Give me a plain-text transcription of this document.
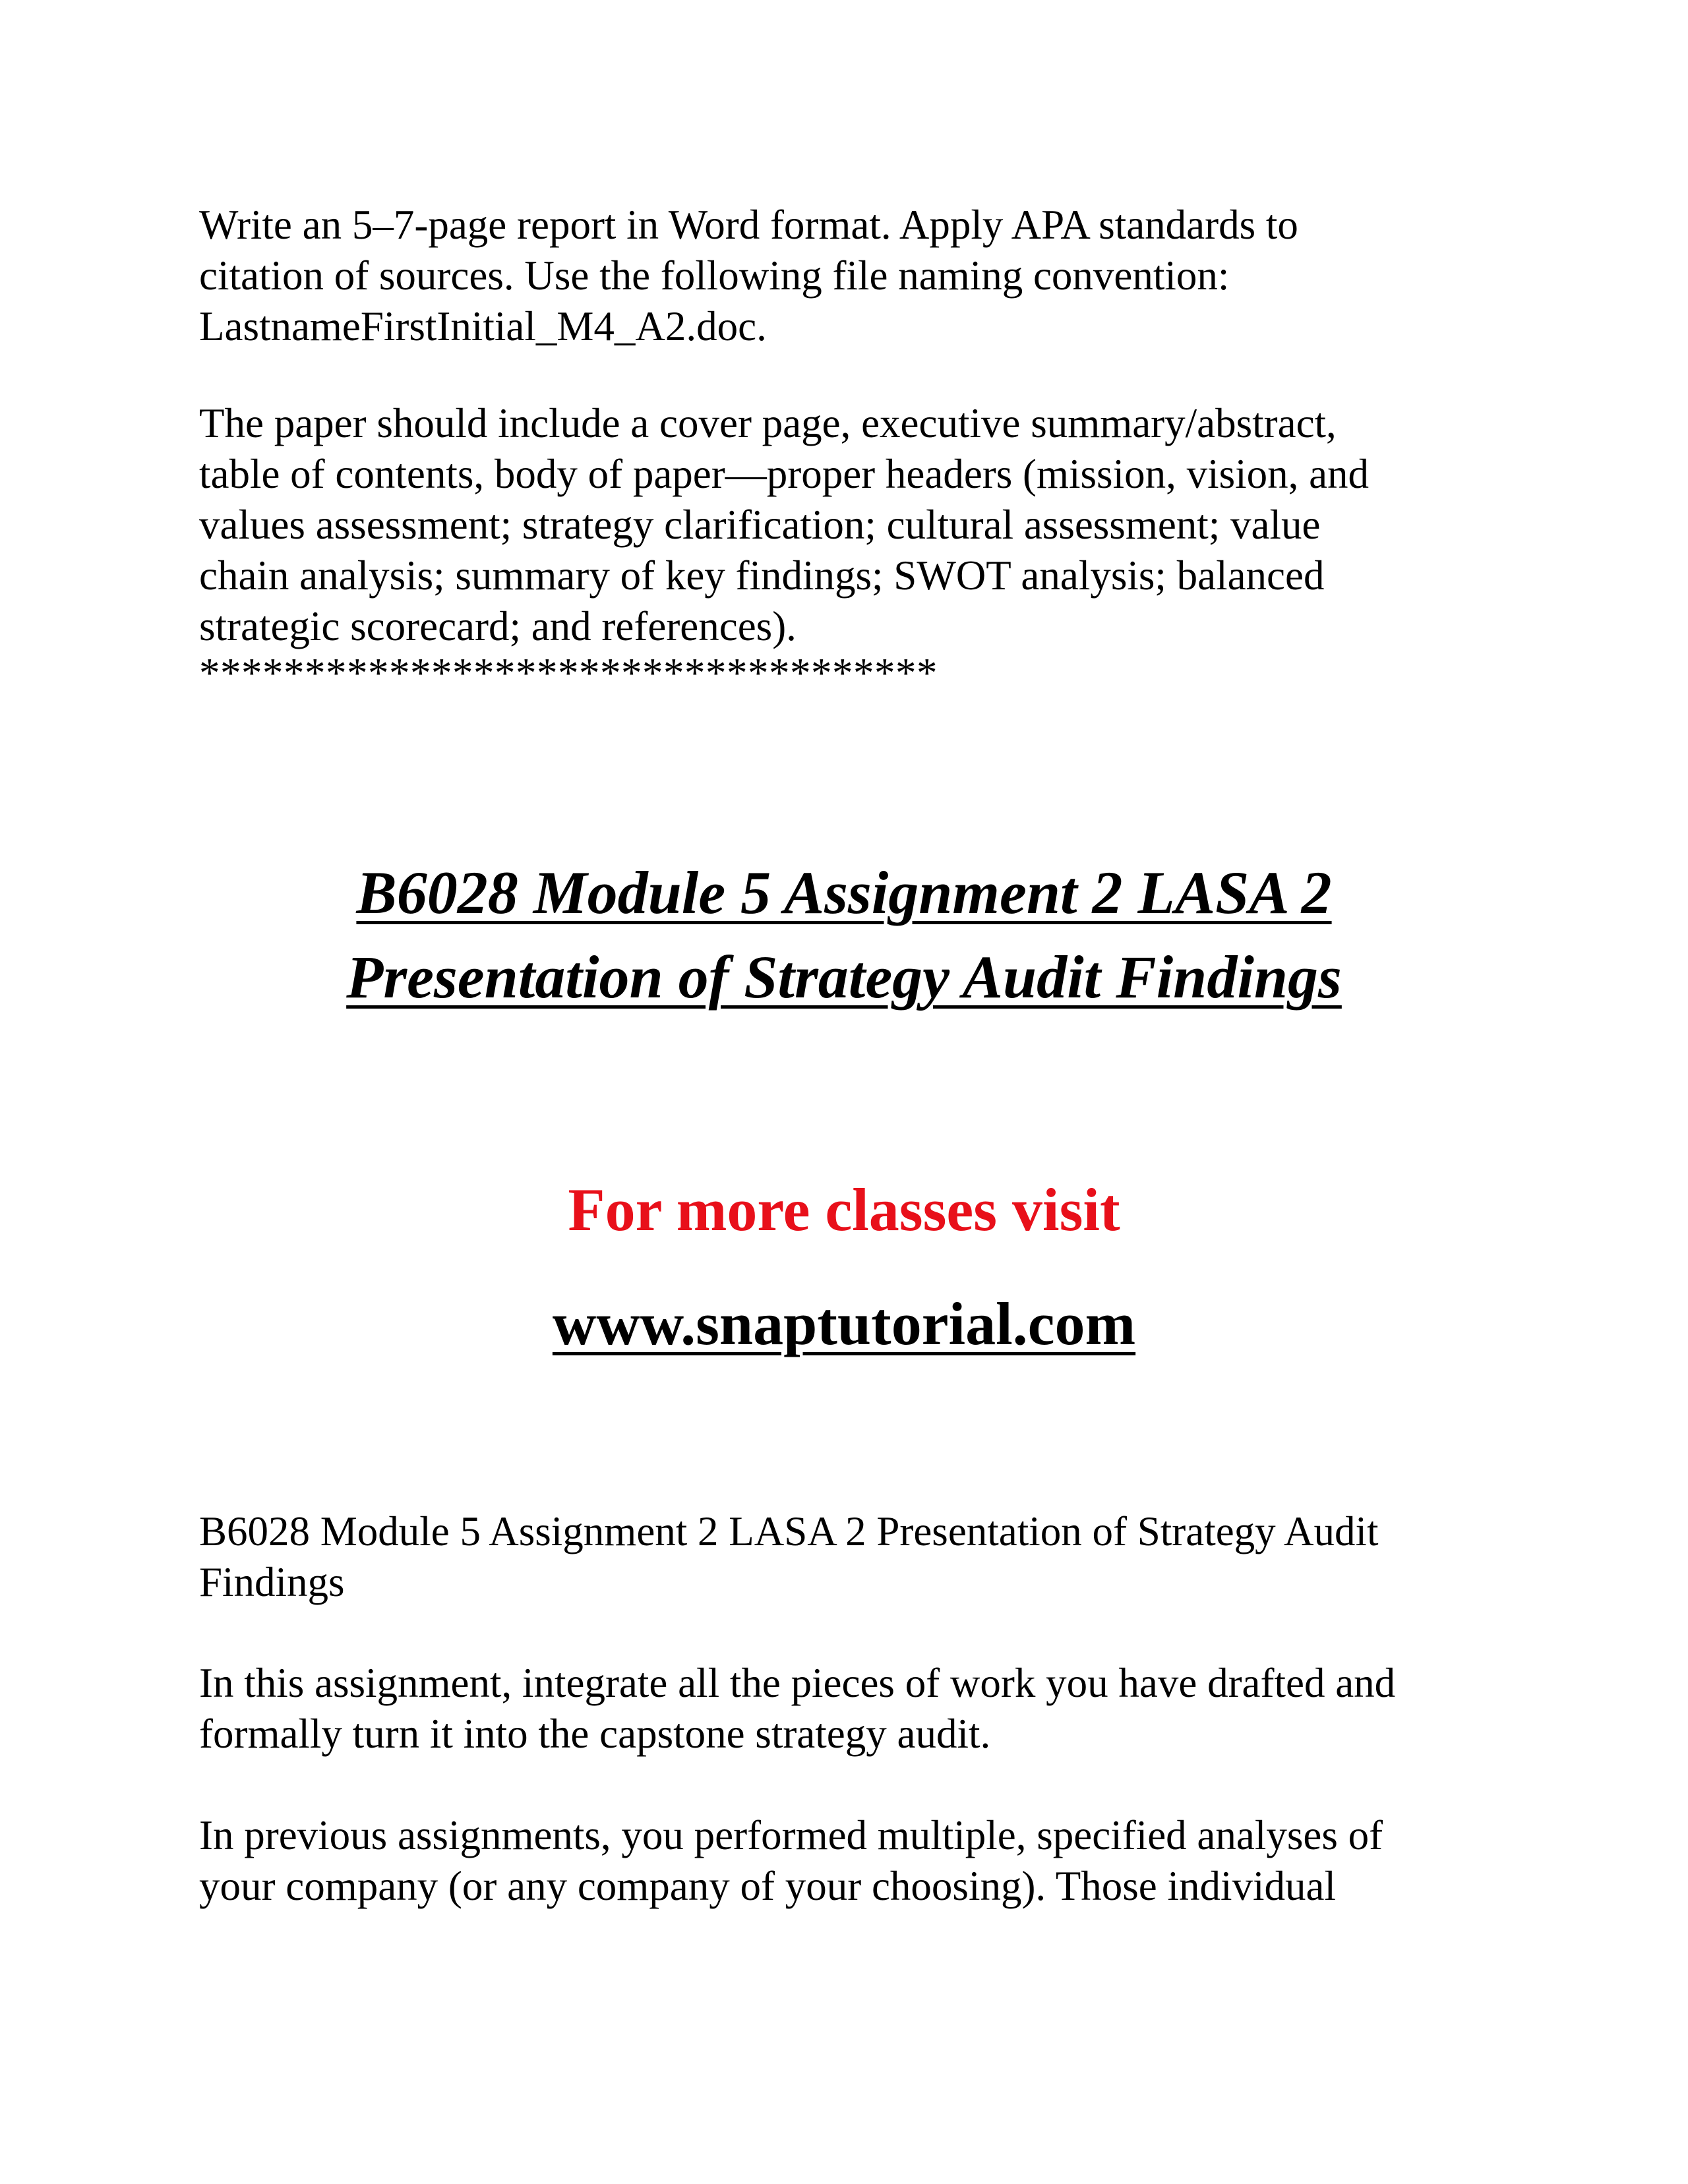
Write an 5–7-page report in Word format. Apply APA standards to
citation of sources. Use the following file naming convention:
LastnameFirstInitial_M4_A2.doc.

The paper should include a cover page, executive summary/abstract,
table of contents, body of paper—proper headers (mission, vision, and
values assessment; strategy clarification; cultural assessment; value
chain analysis; summary of key findings; SWOT analysis; balanced
strategic scorecard; and references).

***********************************
B6028 Module 5 Assignment 2 LASA 2
Presentation of Strategy Audit Findings
For more classes visit
www.snaptutorial.com

B6028 Module 5 Assignment 2 LASA 2 Presentation of Strategy Audit
Findings

In this assignment, integrate all the pieces of work you have drafted and
formally turn it into the capstone strategy audit.

In previous assignments, you performed multiple, specified analyses of
your company (or any company of your choosing). Those individual
